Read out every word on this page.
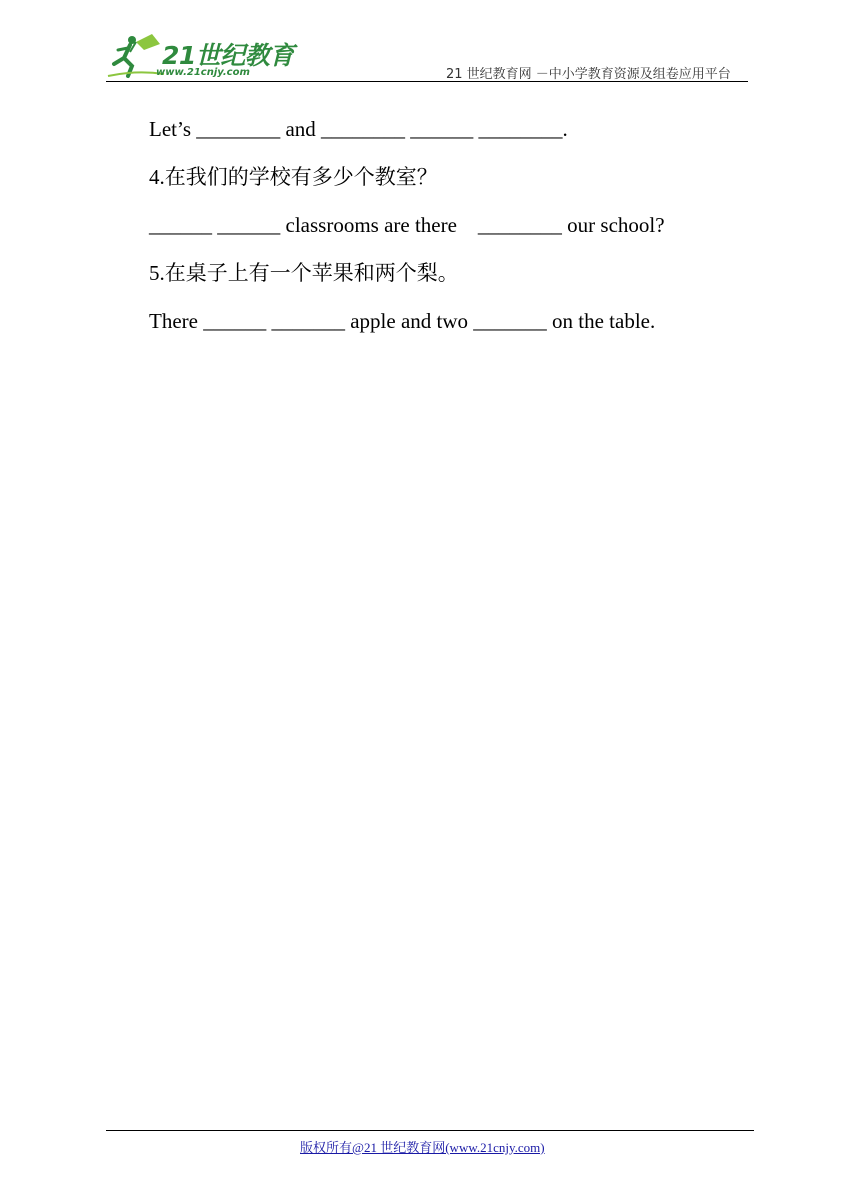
21世纪教育
www.21cnjy.com	21 世纪教育网 －中小学教育资源及组卷应用平台
Let’s ________ and ________ ______ ________.
4.在我们的学校有多少个教室？
______ ______ classrooms are there    ________ our school?
5.在桌子上有一个苹果和两个梨。
There ______ _______ apple and two _______ on the table.
版权所有@21 世纪教育网(www.21cnjy.com)
